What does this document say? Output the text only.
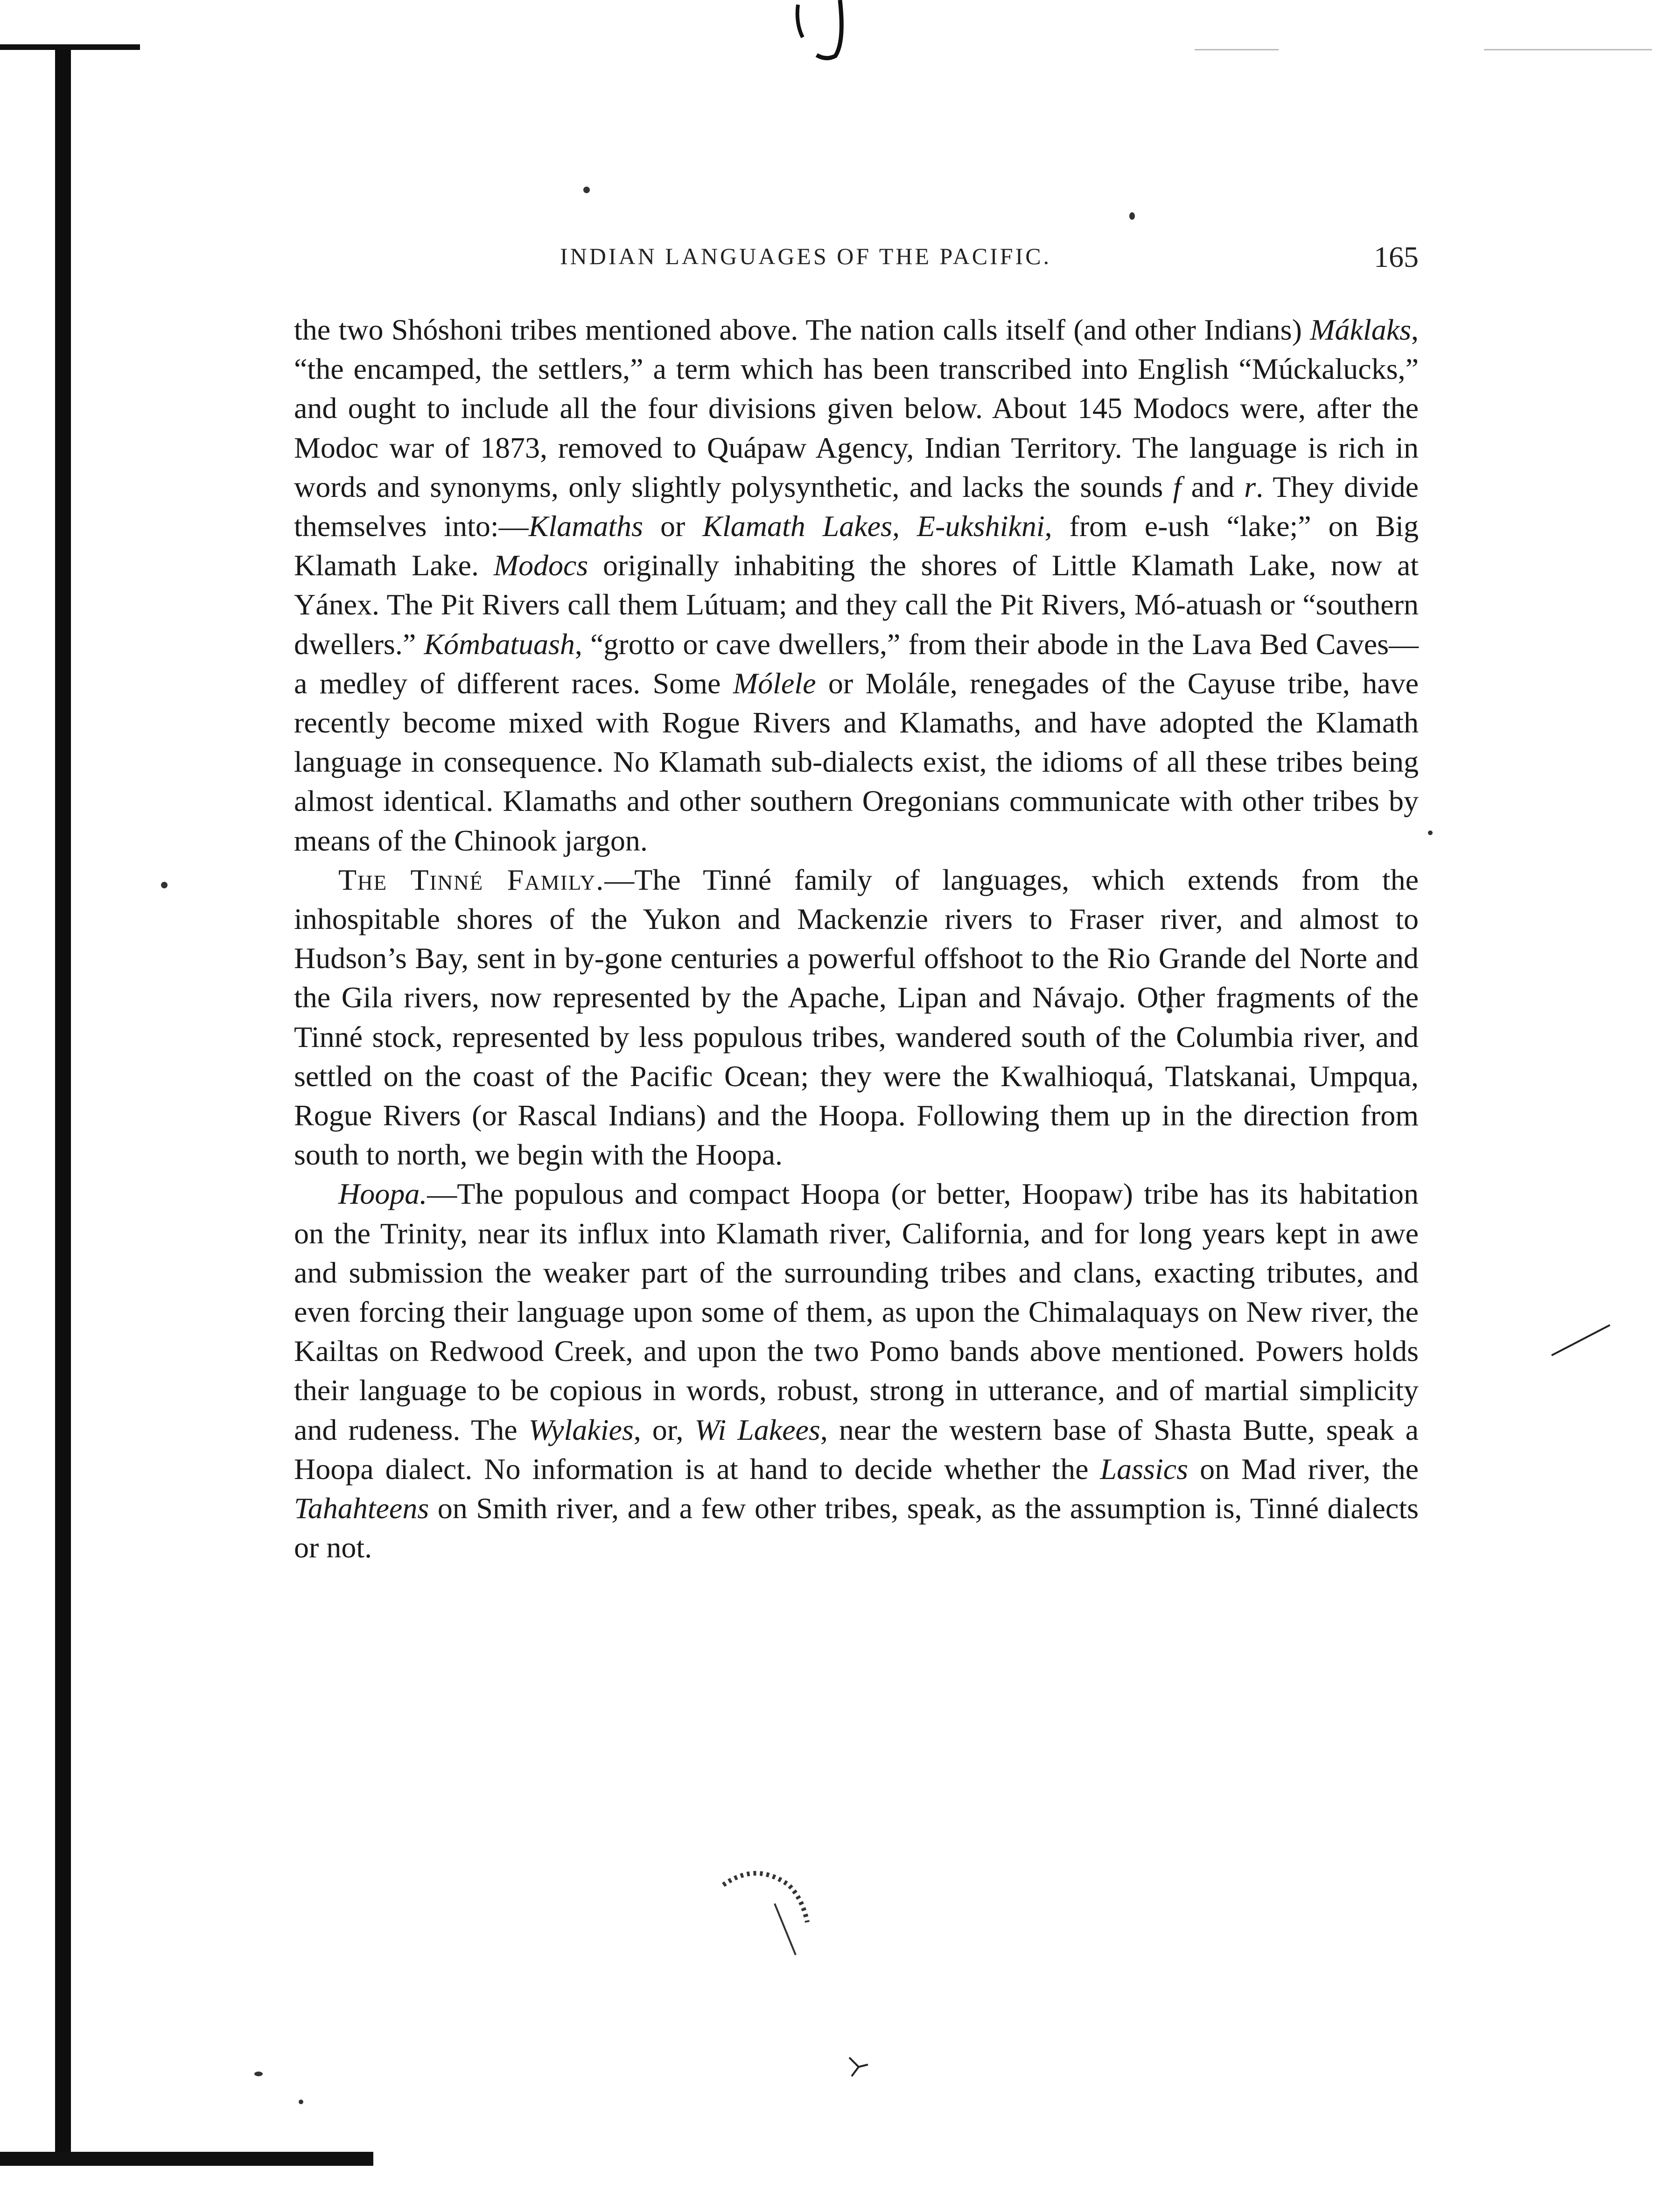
INDIAN LANGUAGES OF THE PACIFIC.	165

the two Shóshoni tribes mentioned above. The nation calls itself (and other Indians) Máklaks, “the encamped, the settlers,” a term which has been transcribed into English “Múckalucks,” and ought to include all the four divisions given below. About 145 Modocs were, after the Modoc war of 1873, removed to Quápaw Agency, Indian Territory. The language is rich in words and synonyms, only slightly polysynthetic, and lacks the sounds f and r. They divide themselves into:—Klamaths or Klamath Lakes, E-ukshikni, from e-ush “lake;” on Big Klamath Lake. Modocs originally inhabiting the shores of Little Klamath Lake, now at Yánex. The Pit Rivers call them Lútuam; and they call the Pit Rivers, Mó-atuash or “southern dwellers.” Kómbatuash, “grotto or cave dwellers,” from their abode in the Lava Bed Caves—a medley of different races. Some Mólele or Molále, renegades of the Cayuse tribe, have recently become mixed with Rogue Rivers and Klamaths, and have adopted the Klamath language in consequence. No Klamath sub-dialects exist, the idioms of all these tribes being almost identical. Klamaths and other southern Oregonians communicate with other tribes by means of the Chinook jargon.

The Tinné Family.—The Tinné family of languages, which extends from the inhospitable shores of the Yukon and Mackenzie rivers to Fraser river, and almost to Hudson’s Bay, sent in by-gone centuries a powerful offshoot to the Rio Grande del Norte and the Gila rivers, now represented by the Apache, Lipan and Návajo. Other fragments of the Tinné stock, represented by less populous tribes, wandered south of the Columbia river, and settled on the coast of the Pacific Ocean; they were the Kwalhioquá, Tlatskanai, Umpqua, Rogue Rivers (or Rascal Indians) and the Hoopa. Following them up in the direction from south to north, we begin with the Hoopa.

Hoopa.—The populous and compact Hoopa (or better, Hoopaw) tribe has its habitation on the Trinity, near its influx into Klamath river, California, and for long years kept in awe and submission the weaker part of the surrounding tribes and clans, exacting tributes, and even forcing their language upon some of them, as upon the Chimalaquays on New river, the Kailtas on Redwood Creek, and upon the two Pomo bands above mentioned. Powers holds their language to be copious in words, robust, strong in utterance, and of martial simplicity and rudeness. The Wylakies, or, Wi Lakees, near the western base of Shasta Butte, speak a Hoopa dialect. No information is at hand to decide whether the Lassics on Mad river, the Tahahteens on Smith river, and a few other tribes, speak, as the assumption is, Tinné dialects or not.
